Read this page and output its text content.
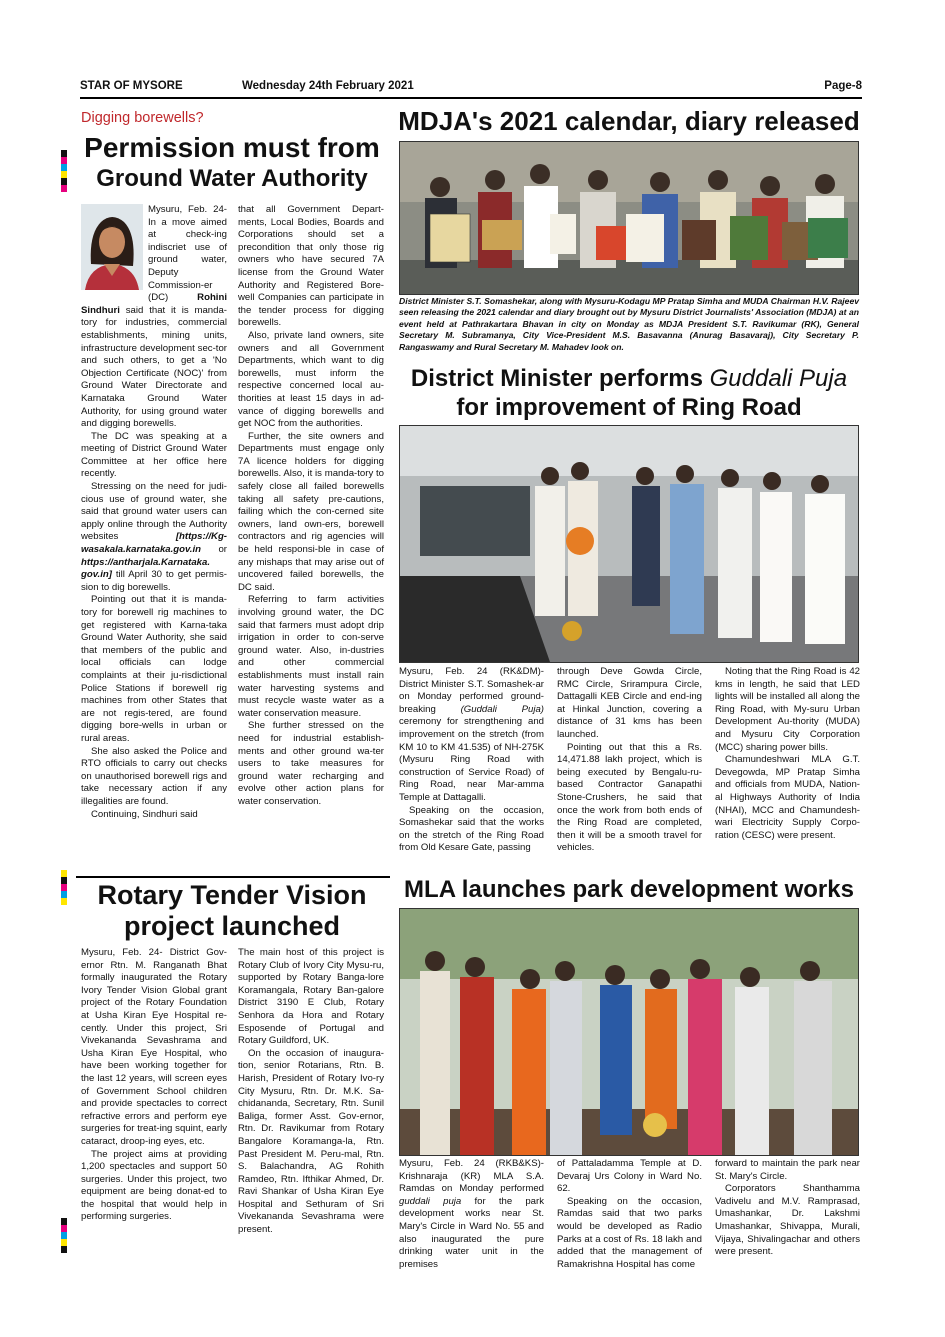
STAR OF MYSORE	Wednesday 24th February 2021	Page-8
Digging borewells?
Permission must from
Ground Water Authority

Mysuru, Feb. 24- In a move aimed at check-ing indiscriet use of ground water, Deputy Commission-er (DC) Rohini Sindhuri said that it is manda-tory for industries, commercial establishments, mining units, infrastructure development sec-tor and such others, to get a 'No Objection Certificate (NOC)' from Ground Water Directorate and Karnataka Ground Water Authority, for using ground water and digging borewells.

The DC was speaking at a meeting of District Ground Water Committee at her office here recently.

Stressing on the need for judi-cious use of ground water, she said that ground water users can apply online through the Authority websites [https://Kg-wasakala.karnataka.gov.in or https://antharjala.Karnataka. gov.in] till April 30 to get permis-sion to dig borewells.

Pointing out that it is manda-tory for borewell rig machines to get registered with Karna-taka Ground Water Authority, she said that members of the public and local officials can lodge complaints at their ju-risdictional Police Stations if borewell rig machines from other States that are not regis-tered, are found digging bore-wells in urban or rural areas.

She also asked the Police and RTO officials to carry out checks on unauthorised borewell rigs and take necessary action if any illegalities are found.

Continuing, Sindhuri said

that all Government Depart-ments, Local Bodies, Boards and Corporations should set a precondition that only those rig owners who have secured 7A license from the Ground Water Authority and Registered Bore-well Companies can participate in the tender process for digging borewells.

Also, private land owners, site owners and all Government Departments, which want to dig borewells, must inform the respective concerned local au-thorities at least 15 days in ad-vance of digging borewells and get NOC from the authorities.

Further, the site owners and Departments must engage only 7A licence holders for digging borewells. Also, it is manda-tory to safely close all failed borewells taking all safety pre-cautions, failing which the con-cerned site owners, land own-ers, borewell contractors and rig agencies will be held responsi-ble in case of any mishaps that may arise out of uncovered failed borewells, the DC said.

Referring to farm activities involving ground water, the DC said that farmers must adopt drip irrigation in order to con-serve ground water. Also, in-dustries and other commercial establishments must install rain water harvesting systems and must recycle waste water as a water conservation measure.

She further stressed on the need for industrial establish-ments and other ground wa-ter users to take measures for ground water recharging and evolve other action plans for water conservation.

Rotary Tender Vision
project launched

Mysuru, Feb. 24- District Gov-ernor Rtn. M. Ranganath Bhat formally inaugurated the Rotary Ivory Tender Vision Global grant project of the Rotary Foundation at Usha Kiran Eye Hospital re-cently. Under this project, Sri Vivekananda Sevashrama and Usha Kiran Eye Hospital, who have been working together for the last 12 years, will screen eyes of Government School children and provide spectacles to correct refractive errors and perform eye surgeries for treat-ing squint, early cataract, droop-ing eyes, etc.

The project aims at providing 1,200 spectacles and support 50 surgeries. Under this project, two equipment are being donat-ed to the hospital that would help in performing surgeries.

The main host of this project is Rotary Club of Ivory City Mysu-ru, supported by Rotary Banga-lore Koramangala, Rotary Ban-galore District 3190 E Club, Rotary Senhora da Hora and Rotary Esposende of Portugal and Rotary Guildford, UK.

On the occasion of inaugura-tion, senior Rotarians, Rtn. B. Harish, President of Rotary Ivo-ry City Mysuru, Rtn. Dr. M.K. Sa-chidananda, Secretary, Rtn. Sunil Baliga, former Asst. Gov-ernor, Rtn. Dr. Ravikumar from Rotary Bangalore Koramanga-la, Rtn. Past President M. Peru-mal, Rtn. S. Balachandra, AG Rohith Ramdeo, Rtn. Ifthikar Ahmed, Dr. Ravi Shankar of Usha Kiran Eye Hospital and Sethuram of Sri Vivekananda Sevashrama were present.

MDJA's 2021 calendar, diary released
District Minister S.T. Somashekar, along with Mysuru-Kodagu MP Pratap Simha and MUDA Chairman H.V. Rajeev seen releasing the 2021 calendar and diary brought out by Mysuru District Journalists' Association (MDJA) at an event held at Pathrakartara Bhavan in city on Monday as MDJA President S.T. Ravikumar (RK), General Secretary M. Subramanya, City Vice-President M.S. Basavanna (Anurag Basavaraj), City Secretary P. Rangaswamy and Rural Secretary M. Mahadev look on.
District Minister performs Guddali Puja
for improvement of Ring Road

Mysuru, Feb. 24 (RK&DM)- District Minister S.T. Somashek-ar on Monday performed ground-breaking (Guddali Puja) ceremony for strengthening and improvement on the stretch (from KM 10 to KM 41.535) of NH-275K (Mysuru Ring Road with construction of Service Road) of Ring Road, near Mar-amma Temple at Dattagalli.

Speaking on the occasion, Somashekar said that the works on the stretch of the Ring Road from Old Kesare Gate, passing

through Deve Gowda Circle, RMC Circle, Srirampura Circle, Dattagalli KEB Circle and end-ing at Hinkal Junction, covering a distance of 31 kms has been launched.

Pointing out that this a Rs. 14,471.88 lakh project, which is being executed by Bengalu-ru-based Contractor Ganapathi Stone-Crushers, he said that once the work from both ends of the Ring Road are completed, then it will be a smooth travel for vehicles.

Noting that the Ring Road is 42 kms in length, he said that LED lights will be installed all along the Ring Road, with My-suru Urban Development Au-thority (MUDA) and Mysuru City Corporation (MCC) sharing power bills.

Chamundeshwari MLA G.T. Devegowda, MP Pratap Simha and officials from MUDA, Nation-al Highways Authority of India (NHAI), MCC and Chamundesh-wari Electricity Supply Corpo-ration (CESC) were present.

MLA launches park development works

Mysuru, Feb. 24 (RKB&KS)- Krishnaraja (KR) MLA S.A. Ramdas on Monday performed guddali puja for the park development works near St. Mary's Circle in Ward No. 55 and also inaugurated the pure drinking water unit in the premises

of Pattaladamma Temple at D. Devaraj Urs Colony in Ward No. 62.

Speaking on the occasion, Ramdas said that two parks would be developed as Radio Parks at a cost of Rs. 18 lakh and added that the management of Ramakrishna Hospital has come

forward to maintain the park near St. Mary's Circle.

Corporators Shanthamma Vadivelu and M.V. Ramprasad, Umashankar, Dr. Lakshmi Umashankar, Shivappa, Murali, Vijaya, Shivalingachar and others were present.
